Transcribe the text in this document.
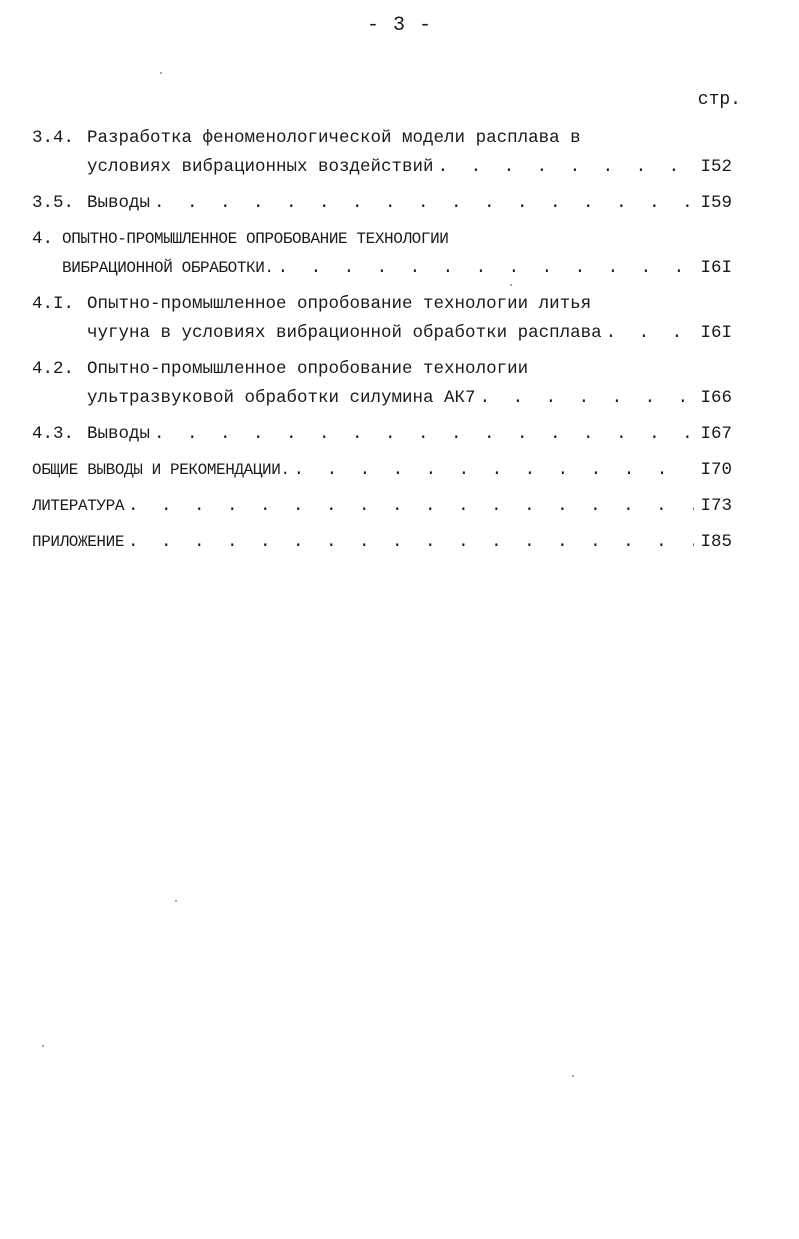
- 3 -
стр.
3.4. Разработка феноменологической модели расплава в
условиях вибрационных воздействий . . .	I52
3.5. Выводы . . .	I59
4. ОПЫТНО-ПРОМЫШЛЕННОЕ ОПРОБОВАНИЕ ТЕХНОЛОГИИ
ВИБРАЦИОННОЙ ОБРАБОТКИ. . . .	I6I
4.I. Опытно-промышленное опробование технологии литья
чугуна в условиях вибрационной обработки расплава . . .	I6I
4.2. Опытно-промышленное опробование технологии
ультразвуковой обработки силумина АК7 . . .	I66
4.3. Выводы . . .	I67
ОБЩИЕ ВЫВОДЫ И РЕКОМЕНДАЦИИ. . . .	I70
ЛИТЕРАТУРА . . .	I73
ПРИЛОЖЕНИЕ . . .	I85
